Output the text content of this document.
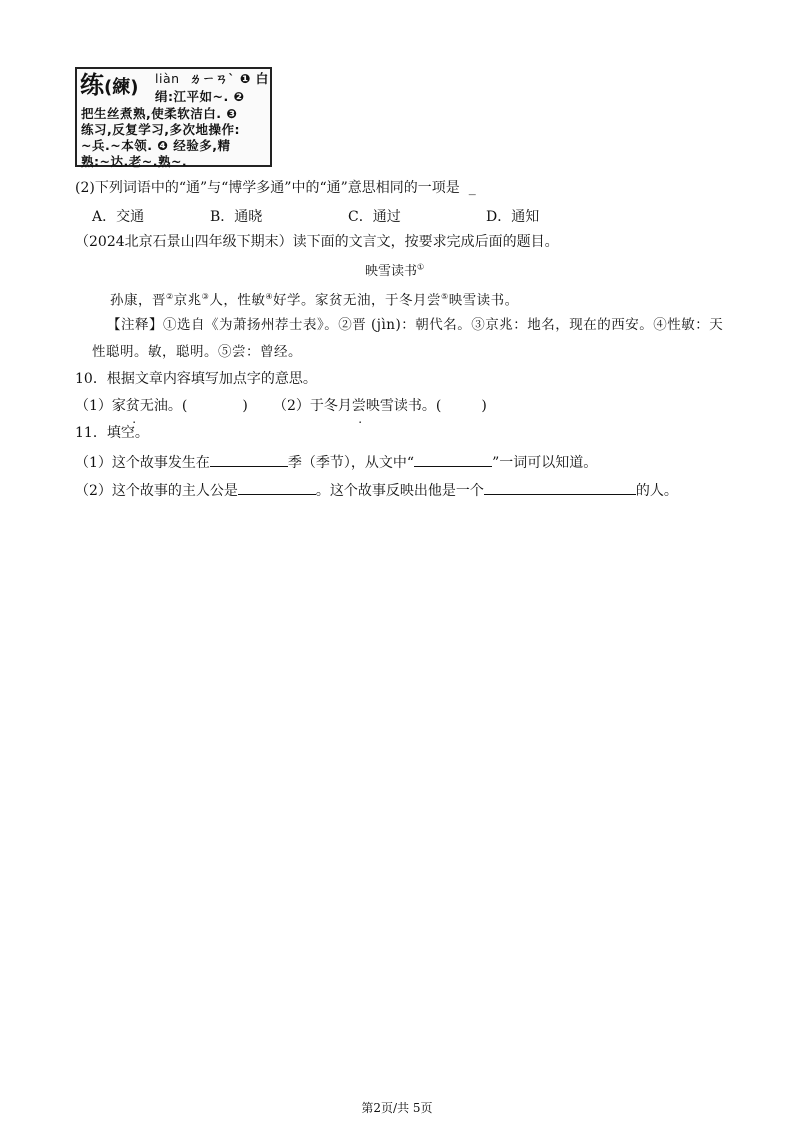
练(練) liàn ㄌㄧㄢˋ ❶ 白
绢:江平如~. ❷
把生丝煮熟,使柔软洁白. ❸
练习,反复学习,多次地操作:
~兵.~本领. ❹ 经验多,精
熟:~达.老~.熟~.
(2)下列词语中的“通”与“博学多通”中的“通”意思相同的一项是 _
A．交通	B．通晓	C．通过	D．通知
（2024北京石景山四年级下期末）读下面的文言文，按要求完成后面的题目。
映雪读书①
孙康，晋②京兆③人，性敏④好学。家贫无油，于冬月尝⑤映雪读书。
【注释】①选自《为萧扬州荐士表》。②晋 (jìn)：朝代名。③京兆：地名，现在的西安。④性敏：天
性聪明。敏，聪明。⑤尝：曾经。
10．根据文章内容填写加点字的意思。
（1）家贫无油。(	) （2）于冬月尝映雪读书。(	)
11．填空。
（1）这个故事发生在	季（季节），从文中“	”一词可以知道。
（2）这个故事的主人公是	。这个故事反映出他是一个	的人。
第2页/共 5页
